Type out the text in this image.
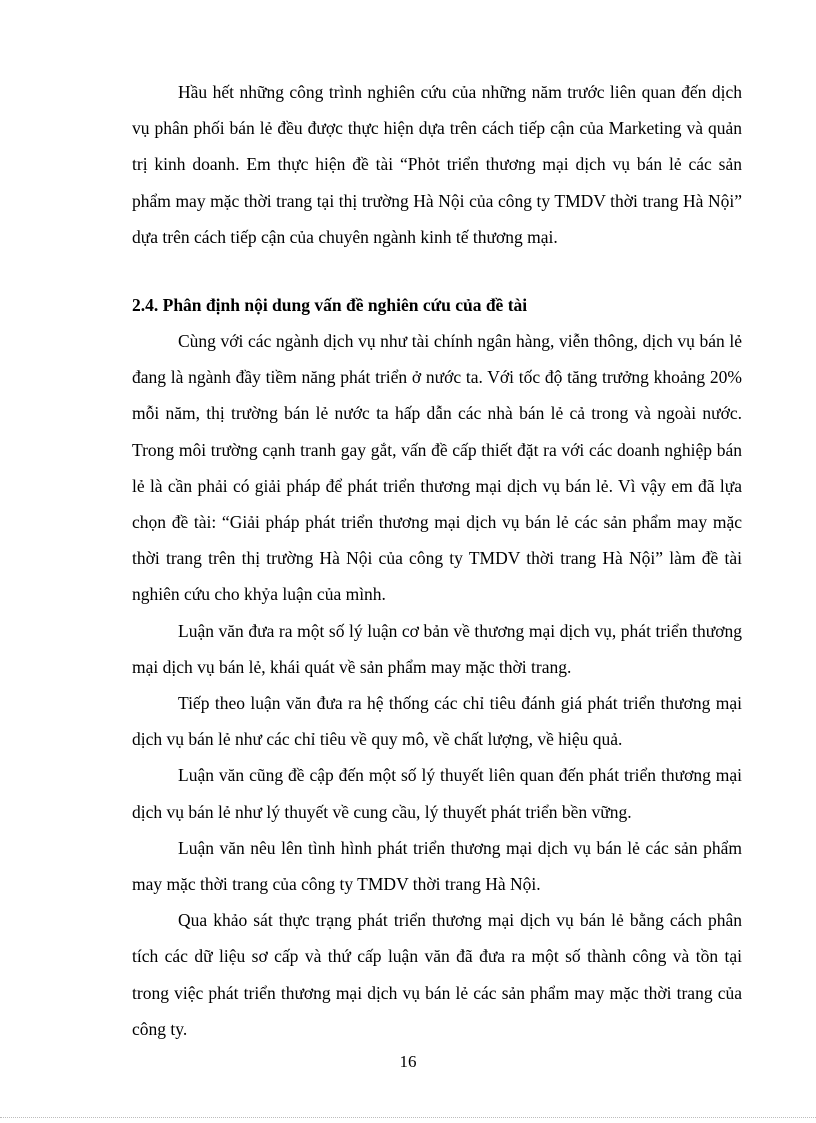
Hầu hết những công trình nghiên cứu của những năm trước liên quan đến dịch vụ phân phối bán lẻ đều được thực hiện dựa trên cách tiếp cận của Marketing và quản trị kinh doanh. Em thực hiện đề tài “Phỏt triển thương mại dịch vụ bán lẻ các sản phẩm may mặc thời trang tại thị trường Hà Nội của công ty TMDV thời trang Hà Nội” dựa trên cách tiếp cận của chuyên ngành kinh tế thương mại.

2.4. Phân định nội dung vấn đề nghiên cứu của đề tài

Cùng với các ngành dịch vụ như tài chính ngân hàng, viễn thông, dịch vụ bán lẻ đang là ngành đầy tiềm năng phát triển ở nước ta. Với tốc độ tăng trưởng khoảng 20% mỗi năm, thị trường bán lẻ nước ta hấp dẫn các nhà bán lẻ cả trong và ngoài nước. Trong môi trường cạnh tranh gay gắt, vấn đề cấp thiết đặt ra với các doanh nghiệp bán lẻ là cần phải có giải pháp để phát triển thương mại dịch vụ bán lẻ. Vì vậy em đã lựa chọn đề tài: “Giải pháp phát triển thương mại dịch vụ bán lẻ các sản phẩm may mặc thời trang trên thị trường Hà Nội của công ty TMDV thời trang Hà Nội” làm đề tài nghiên cứu cho khỷa luận của mình.

Luận văn đưa ra một số lý luận cơ bản về thương mại dịch vụ, phát triển thương mại dịch vụ bán lẻ, khái quát về sản phẩm may mặc thời trang.

Tiếp theo luận văn đưa ra hệ thống các chỉ tiêu đánh giá phát triển thương mại dịch vụ bán lẻ như các chỉ tiêu về quy mô, về chất lượng, về hiệu quả.

Luận văn cũng đề cập đến một số lý thuyết liên quan đến phát triển thương mại dịch vụ bán lẻ như lý thuyết về cung cầu, lý thuyết phát triển bền vững.

Luận văn nêu lên tình hình phát triển thương mại dịch vụ bán lẻ các sản phẩm may mặc thời trang của công ty TMDV thời trang Hà Nội.

Qua khảo sát thực trạng phát triển thương mại dịch vụ bán lẻ bằng cách phân tích các dữ liệu sơ cấp và thứ cấp luận văn đã đưa ra một số thành công và tồn tại trong việc phát triển thương mại dịch vụ bán lẻ các sản phẩm may mặc thời trang của công ty.

16
